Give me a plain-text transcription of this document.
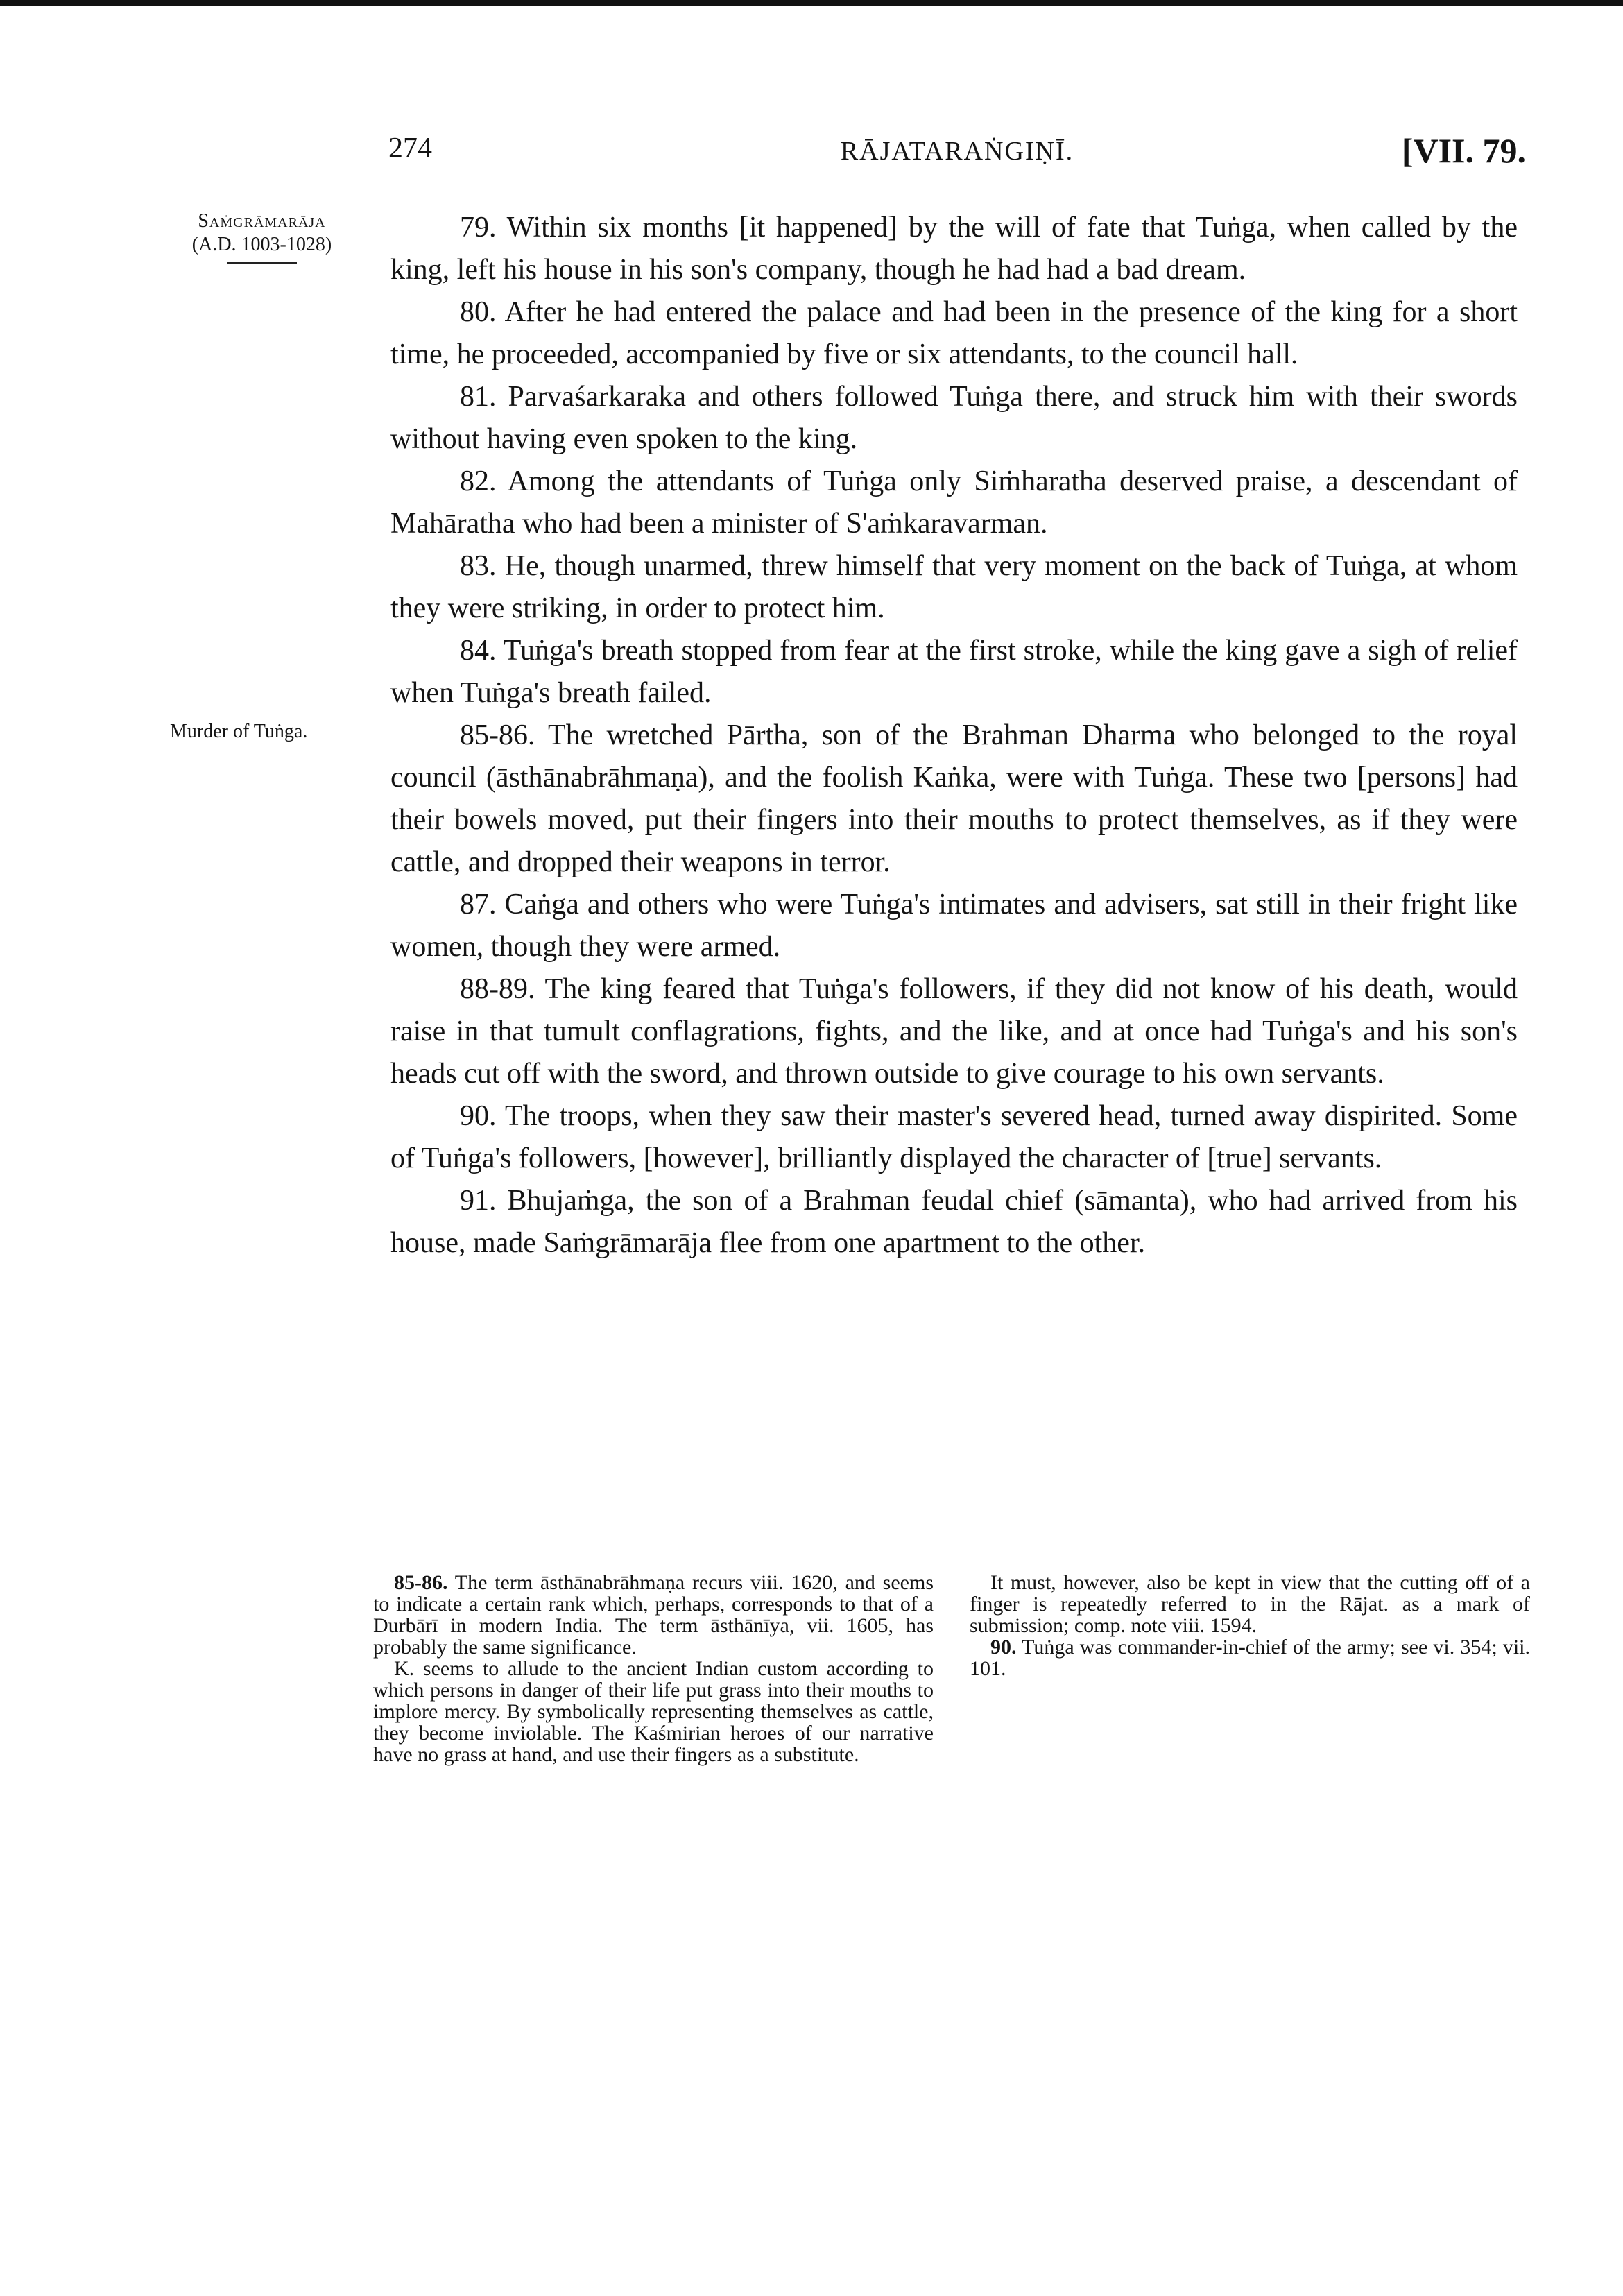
274	RĀJATARAṄGIṆĪ.	[VII. 79.
Saṁgrāmarāja
(A.D. 1003-1028)
Murder of Tuṅga.

79. Within six months [it happened] by the will of fate that Tuṅga, when called by the king, left his house in his son's company, though he had had a bad dream.

80. After he had entered the palace and had been in the presence of the king for a short time, he proceeded, accompanied by five or six attendants, to the council hall.

81. Parvaśarkaraka and others followed Tuṅga there, and struck him with their swords without having even spoken to the king.

82. Among the attendants of Tuṅga only Siṁharatha deserved praise, a descendant of Mahāratha who had been a minister of S'aṁkaravarman.

83. He, though unarmed, threw himself that very moment on the back of Tuṅga, at whom they were striking, in order to protect him.

84. Tuṅga's breath stopped from fear at the first stroke, while the king gave a sigh of relief when Tuṅga's breath failed.

85-86. The wretched Pārtha, son of the Brahman Dharma who belonged to the royal council (āsthānabrāhmaṇa), and the foolish Kaṅka, were with Tuṅga. These two [persons] had their bowels moved, put their fingers into their mouths to protect themselves, as if they were cattle, and dropped their weapons in terror.

87. Caṅga and others who were Tuṅga's intimates and advisers, sat still in their fright like women, though they were armed.

88-89. The king feared that Tuṅga's followers, if they did not know of his death, would raise in that tumult conflagrations, fights, and the like, and at once had Tuṅga's and his son's heads cut off with the sword, and thrown outside to give courage to his own servants.

90. The troops, when they saw their master's severed head, turned away dispirited. Some of Tuṅga's followers, [however], brilliantly displayed the character of [true] servants.

91. Bhujaṁga, the son of a Brahman feudal chief (sāmanta), who had arrived from his house, made Saṁgrāmarāja flee from one apartment to the other.

85-86. The term āsthānabrāhmaṇa recurs viii. 1620, and seems to indicate a certain rank which, perhaps, corresponds to that of a Durbārī in modern India. The term āsthānīya, vii. 1605, has probably the same significance.

K. seems to allude to the ancient Indian custom according to which persons in danger of their life put grass into their mouths to implore mercy. By symbolically representing themselves as cattle, they become inviolable. The Kaśmirian heroes of our narrative have no grass at hand, and use their fingers as a substitute.

It must, however, also be kept in view that the cutting off of a finger is repeatedly referred to in the Rājat. as a mark of submission; comp. note viii. 1594.

90. Tuṅga was commander-in-chief of the army; see vi. 354; vii. 101.
